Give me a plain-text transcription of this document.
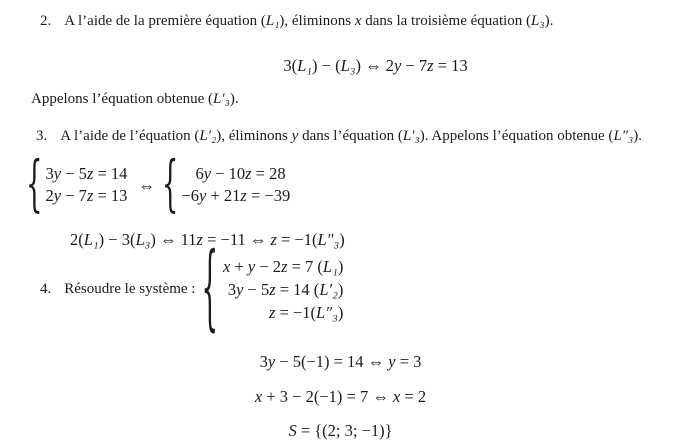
2. A l’aide de la première équation (L₁), éliminons x dans la troisième équation (L₃).
3(L₁) − (L₃) ⇔ 2y − 7z = 13
Appelons l’équation obtenue (L′₃).
3. A l’aide de l’équation (L′₂), éliminons y dans l’équation (L′₃). Appelons l’équation obtenue (L″₃).
{ 3y − 5z = 14
2y − 7z = 13
⇔ {	6y − 10z = 28
−6y + 21z = −39
2(L₁) − 3(L₃) ⇔ 11z = −11 ⇔ z = −1(L″₃)
4. Résoudre le système : { x + y − 2z = 7 (L₁)
3y − 5z = 14 (L′₂)
z = −1(L″₃)
3y − 5(−1) = 14 ⇔ y = 3
x + 3 − 2(−1) = 7 ⇔ x = 2
S = {(2; 3; −1)}
